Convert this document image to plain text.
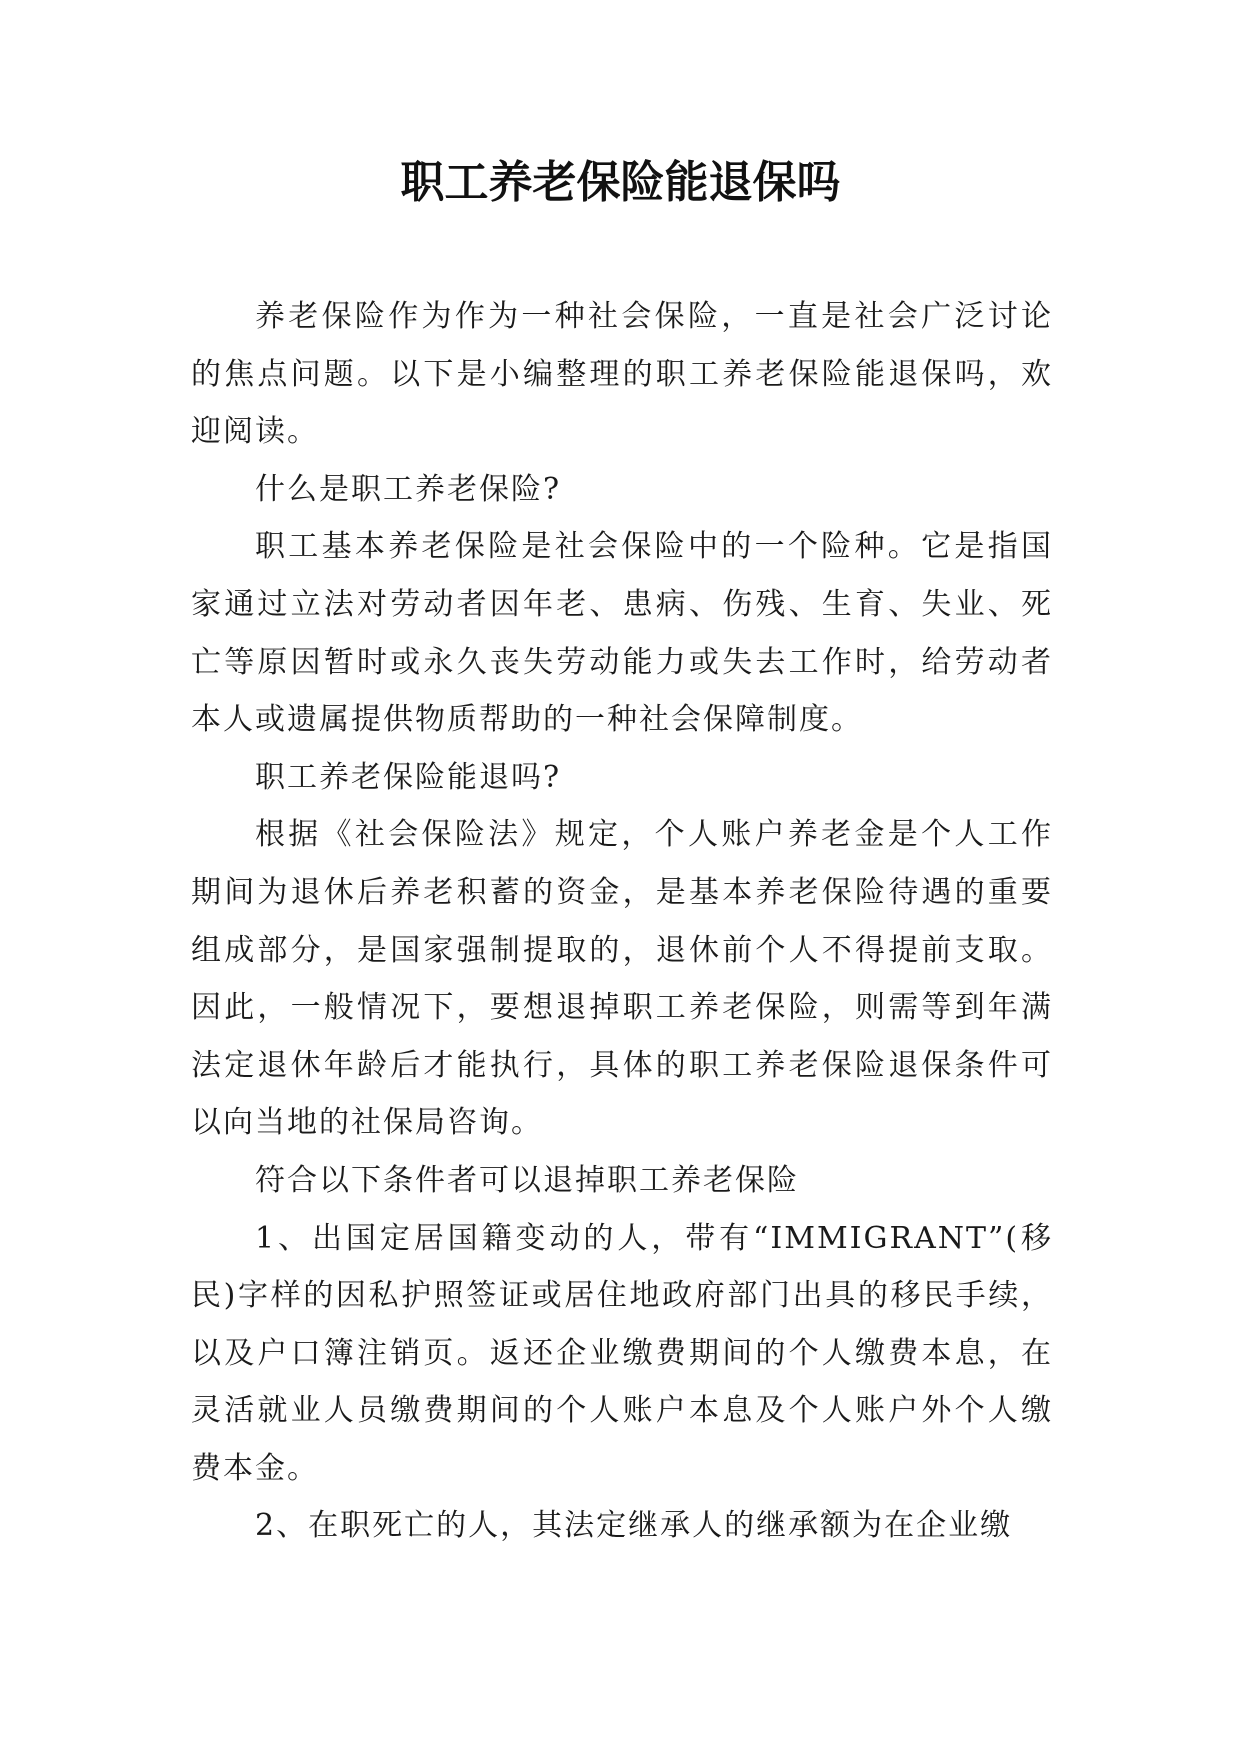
职工养老保险能退保吗

养老保险作为作为一种社会保险，一直是社会广泛讨论的焦点问题。以下是小编整理的职工养老保险能退保吗，欢迎阅读。

什么是职工养老保险?

职工基本养老保险是社会保险中的一个险种。它是指国家通过立法对劳动者因年老、患病、伤残、生育、失业、死亡等原因暂时或永久丧失劳动能力或失去工作时，给劳动者本人或遗属提供物质帮助的一种社会保障制度。

职工养老保险能退吗?

根据《社会保险法》规定，个人账户养老金是个人工作期间为退休后养老积蓄的资金，是基本养老保险待遇的重要组成部分，是国家强制提取的，退休前个人不得提前支取。因此，一般情况下，要想退掉职工养老保险，则需等到年满法定退休年龄后才能执行，具体的职工养老保险退保条件可以向当地的社保局咨询。

符合以下条件者可以退掉职工养老保险

1、出国定居国籍变动的人，带有“IMMIGRANT”(移民)字样的因私护照签证或居住地政府部门出具的移民手续，以及户口簿注销页。返还企业缴费期间的个人缴费本息，在灵活就业人员缴费期间的个人账户本息及个人账户外个人缴费本金。

2、在职死亡的人，其法定继承人的继承额为在企业缴
